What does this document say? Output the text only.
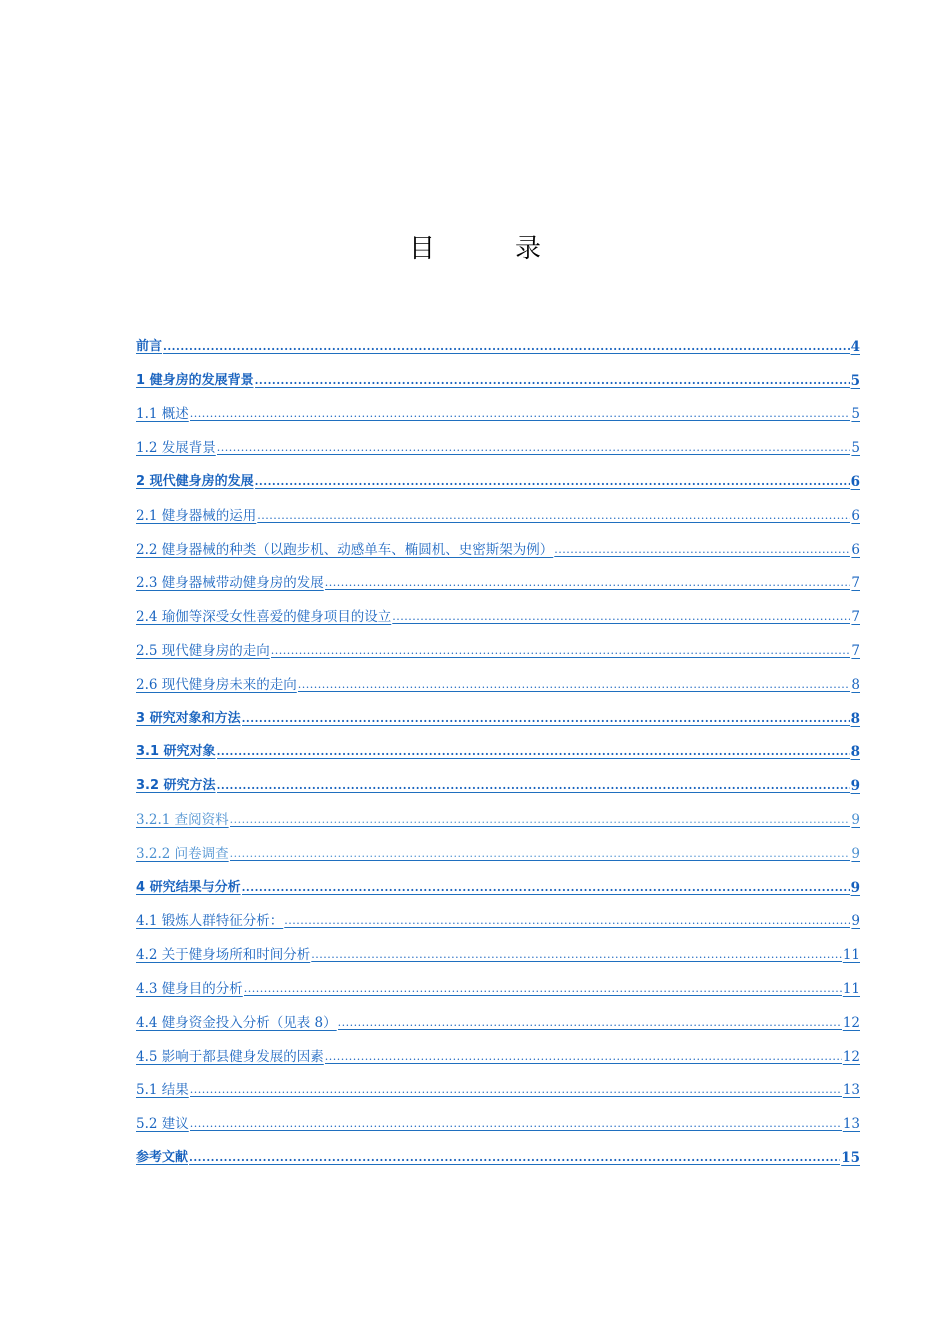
目	录
前言 .....	4
1 健身房的发展背景 .....	5
1.1 概述 .....	5
1.2 发展背景 .....	5
2 现代健身房的发展 .....	6
2.1 健身器械的运用 .....	6
2.2 健身器械的种类（以跑步机、动感单车、椭圆机、史密斯架为例） .....	6
2.3 健身器械带动健身房的发展 .....	7
2.4 瑜伽等深受女性喜爱的健身项目的设立 .....	7
2.5 现代健身房的走向 .....	7
2.6 现代健身房未来的走向 .....	8
3 研究对象和方法 .....	8
3.1 研究对象 .....	8
3.2 研究方法 .....	9
3.2.1 查阅资料 .....	9
3.2.2 问卷调查 .....	9
4 研究结果与分析 .....	9
4.1 锻炼人群特征分析： .....	9
4.2 关于健身场所和时间分析 .....	11
4.3 健身目的分析 .....	11
4.4 健身资金投入分析（见表 8） .....	12
4.5 影响于都县健身发展的因素 .....	12
5.1 结果 .....	13
5.2 建议 .....	13
参考文献 .....	15
